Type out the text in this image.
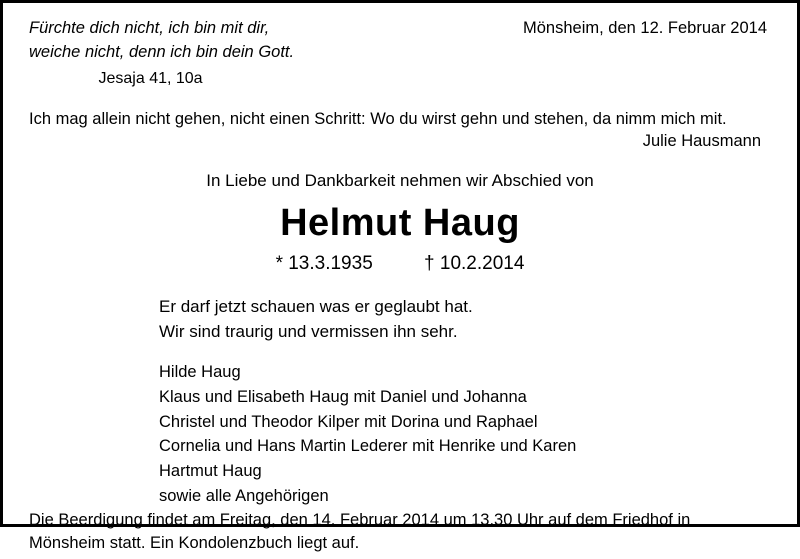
Fürchte dich nicht, ich bin mit dir,
weiche nicht, denn ich bin dein Gott.
Jesaja 41, 10a
Mönsheim, den 12. Februar 2014
Ich mag allein nicht gehen, nicht einen Schritt: Wo du wirst gehn und stehen, da nimm mich mit.
Julie Hausmann
In Liebe und Dankbarkeit nehmen wir Abschied von
Helmut Haug
* 13.3.1935	† 10.2.2014
Er darf jetzt schauen was er geglaubt hat.
Wir sind traurig und vermissen ihn sehr.
Hilde Haug
Klaus und Elisabeth Haug mit Daniel und Johanna
Christel und Theodor Kilper mit Dorina und Raphael
Cornelia und Hans Martin Lederer mit Henrike und Karen
Hartmut Haug
sowie alle Angehörigen
Die Beerdigung findet am Freitag, den 14. Februar 2014 um 13.30 Uhr auf dem Friedhof in
Mönsheim statt. Ein Kondolenzbuch liegt auf.
